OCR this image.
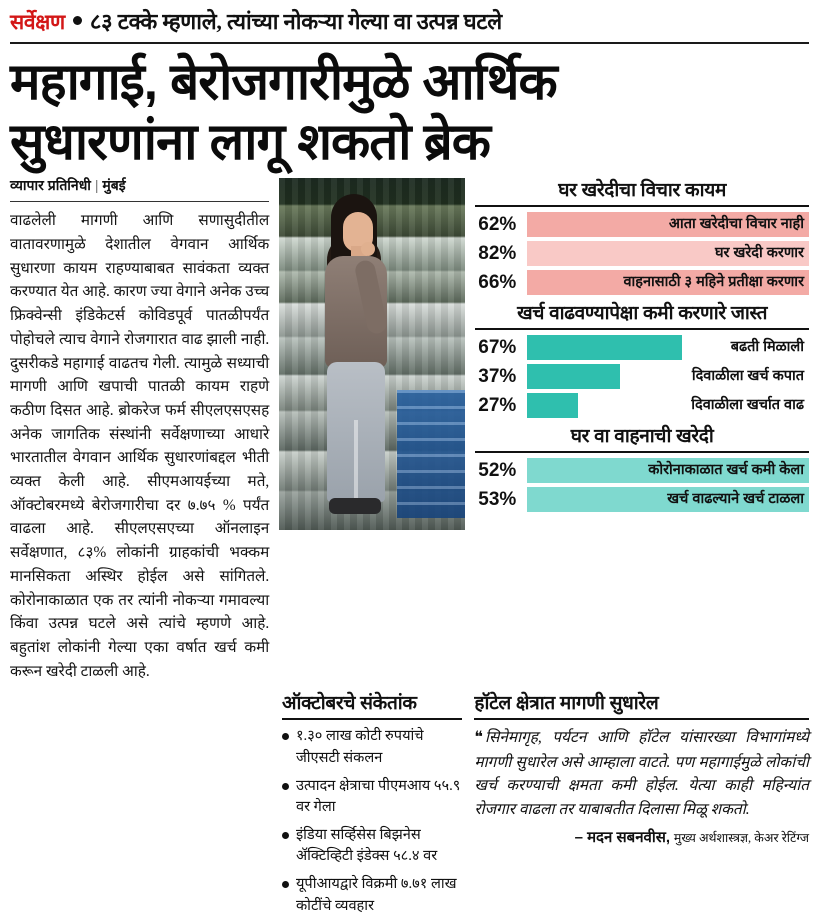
सर्वेक्षण ८३ टक्के म्हणाले, त्यांच्या नोकऱ्या गेल्या वा उत्पन्न घटले
महागाई, बेरोजगारीमुळे आर्थिक
सुधारणांना लागू शकतो ब्रेक
व्यापार प्रतिनिधी | मुंबई
वाढलेली मागणी आणि सणासुदीतील वातावरणामुळे देशातील वेगवान आर्थिक सुधारणा कायम राहण्याबाबत सावंकता व्यक्त करण्यात येत आहे. कारण ज्या वेगाने अनेक उच्च फ्रिक्वेन्सी इंडिकेटर्स कोविडपूर्व पातळीपर्यंत पोहोचले त्याच वेगाने रोजगारात वाढ झाली नाही. दुसरीकडे महागाई वाढतच गेली. त्यामुळे सध्याची मागणी आणि खपाची पातळी कायम राहणे कठीण दिसत आहे. ब्रोकरेज फर्म सीएलएसएसह अनेक जागतिक संस्थांनी सर्वेक्षणाच्या आधारे भारतातील वेगवान आर्थिक सुधारणांबद्दल भीती व्यक्त केली आहे. सीएमआयईच्या मते, ऑक्टोबरमध्ये बेरोजगारीचा दर ७.७५ % पर्यंत वाढला आहे. सीएलएसएच्या ऑनलाइन सर्वेक्षणात, ८३% लोकांनी ग्राहकांची भक्कम मानसिकता अस्थिर होईल असे सांगितले. कोरोनाकाळात एक तर त्यांनी नोकऱ्या गमावल्या किंवा उत्पन्न घटले असे त्यांचे म्हणणे आहे. बहुतांश लोकांनी गेल्या एका वर्षात खर्च कमी करून खरेदी टाळली आहे.
घर खरेदीचा विचार कायम
62%	आता खरेदीचा विचार नाही
82%	घर खरेदी करणार
66%	वाहनासाठी ३ महिने प्रतीक्षा करणार
खर्च वाढवण्यापेक्षा कमी करणारे जास्त
67%	बढती मिळाली
37%	दिवाळीला खर्च कपात
27%	दिवाळीला खर्चात वाढ
घर वा वाहनाची खरेदी
52%	कोरोनाकाळात खर्च कमी केला
53%	खर्च वाढल्याने खर्च टाळला
ऑक्टोबरचे संकेतांक
१.३० लाख कोटी रुपयांचे जीएसटी संकलन
उत्पादन क्षेत्राचा पीएमआय ५५.९ वर गेला
इंडिया सर्व्हिसेस बिझनेस ॲक्टिव्हिटी इंडेक्स ५८.४ वर
यूपीआयद्वारे विक्रमी ७.७१ लाख कोटींचे व्यवहार
हॉटेल क्षेत्रात मागणी सुधारेल
❝ सिनेमागृह, पर्यटन आणि हॉटेल यांसारख्या विभागांमध्ये मागणी सुधारेल असे आम्हाला वाटते. पण महागाईमुळे लोकांची खर्च करण्याची क्षमता कमी होईल. येत्या काही महिन्यांत रोजगार वाढला तर याबाबतीत दिलासा मिळू शकतो.
– मदन सबनवीस, मुख्य अर्थशास्त्रज्ञ, केअर रेटिंग्ज
